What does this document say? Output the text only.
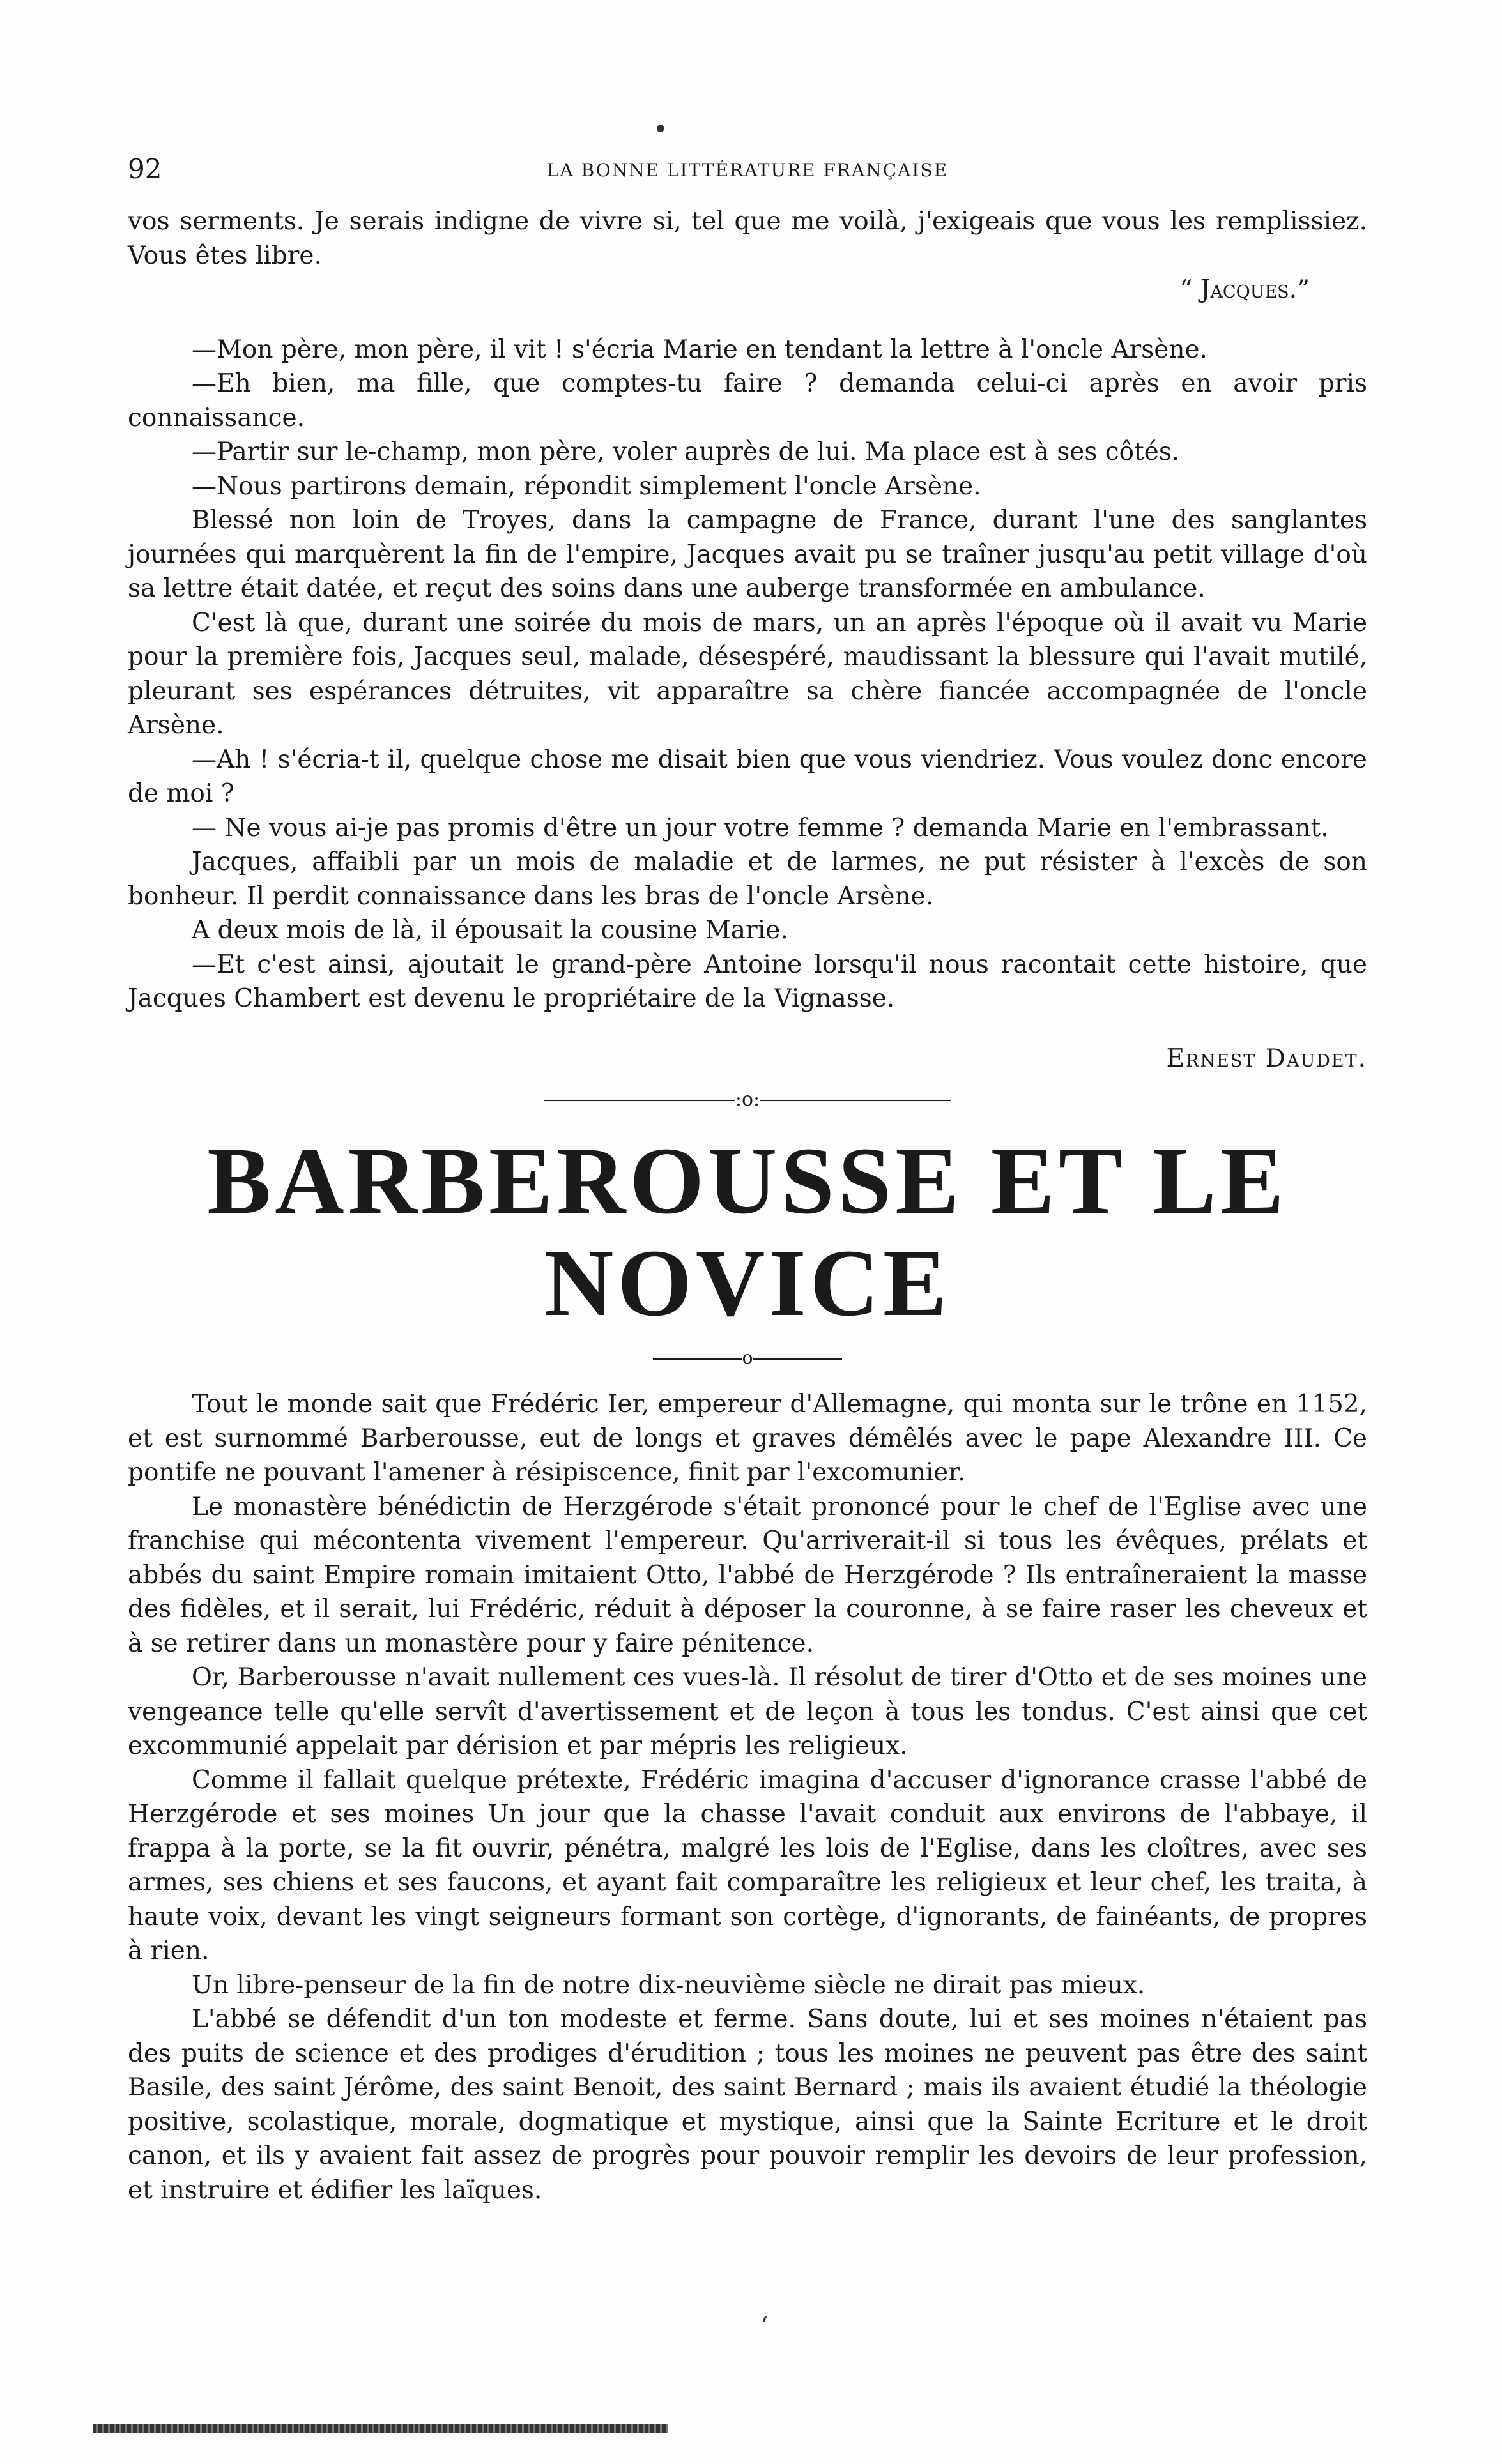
•
92	LA BONNE LITTÉRATURE FRANÇAISE

vos serments. Je serais indigne de vivre si, tel que me voilà, j'exigeais que vous les remplissiez. Vous êtes libre.

“ Jacques.”

—Mon père, mon père, il vit ! s'écria Marie en tendant la lettre à l'oncle Arsène.

—Eh bien, ma fille, que comptes-tu faire ? demanda celui-ci après en avoir pris connaissance.

—Partir sur le-champ, mon père, voler auprès de lui. Ma place est à ses côtés.

—Nous partirons demain, répondit simplement l'oncle Arsène.

Blessé non loin de Troyes, dans la campagne de France, durant l'une des sanglantes journées qui marquèrent la fin de l'empire, Jacques avait pu se traîner jusqu'au petit village d'où sa lettre était datée, et reçut des soins dans une auberge transformée en ambulance.

C'est là que, durant une soirée du mois de mars, un an après l'époque où il avait vu Marie pour la première fois, Jacques seul, malade, désespéré, maudissant la blessure qui l'avait mutilé, pleurant ses espérances détruites, vit apparaître sa chère fiancée accompagnée de l'oncle Arsène.

—Ah ! s'écria-t il, quelque chose me disait bien que vous viendriez. Vous voulez donc encore de moi ?

— Ne vous ai-je pas promis d'être un jour votre femme ? demanda Marie en l'embrassant.

Jacques, affaibli par un mois de maladie et de larmes, ne put résister à l'excès de son bonheur. Il perdit connaissance dans les bras de l'oncle Arsène.

A deux mois de là, il épousait la cousine Marie.

—Et c'est ainsi, ajoutait le grand-père Antoine lorsqu'il nous racontait cette histoire, que Jacques Chambert est devenu le propriétaire de la Vignasse.

Ernest Daudet.

:o:
BARBEROUSSE ET LE NOVICE
o

Tout le monde sait que Frédéric Ier, empereur d'Allemagne, qui monta sur le trône en 1152, et est surnommé Barberousse, eut de longs et graves démêlés avec le pape Alexandre III. Ce pontife ne pouvant l'amener à résipiscence, finit par l'excomunier.

Le monastère bénédictin de Herzgérode s'était prononcé pour le chef de l'Eglise avec une franchise qui mécontenta vivement l'empereur. Qu'arriverait-il si tous les évêques, prélats et abbés du saint Empire romain imitaient Otto, l'abbé de Herzgérode ? Ils entraîneraient la masse des fidèles, et il serait, lui Frédéric, réduit à déposer la couronne, à se faire raser les cheveux et à se retirer dans un monastère pour y faire pénitence.

Or, Barberousse n'avait nullement ces vues-là. Il résolut de tirer d'Otto et de ses moines une vengeance telle qu'elle servît d'avertissement et de leçon à tous les tondus. C'est ainsi que cet excommunié appelait par dérision et par mépris les religieux.

Comme il fallait quelque prétexte, Frédéric imagina d'accuser d'ignorance crasse l'abbé de Herzgérode et ses moines Un jour que la chasse l'avait conduit aux environs de l'abbaye, il frappa à la porte, se la fit ouvrir, pénétra, malgré les lois de l'Eglise, dans les cloîtres, avec ses armes, ses chiens et ses faucons, et ayant fait comparaître les religieux et leur chef, les traita, à haute voix, devant les vingt seigneurs formant son cortège, d'ignorants, de fainéants, de propres à rien.

Un libre-penseur de la fin de notre dix-neuvième siècle ne dirait pas mieux.

L'abbé se défendit d'un ton modeste et ferme. Sans doute, lui et ses moines n'étaient pas des puits de science et des prodiges d'érudition ; tous les moines ne peuvent pas être des saint Basile, des saint Jérôme, des saint Benoit, des saint Bernard ; mais ils avaient étudié la théologie positive, scolastique, morale, dogmatique et mystique, ainsi que la Sainte Ecriture et le droit canon, et ils y avaient fait assez de progrès pour pouvoir remplir les devoirs de leur profession, et instruire et édifier les laïques.

ʻ
